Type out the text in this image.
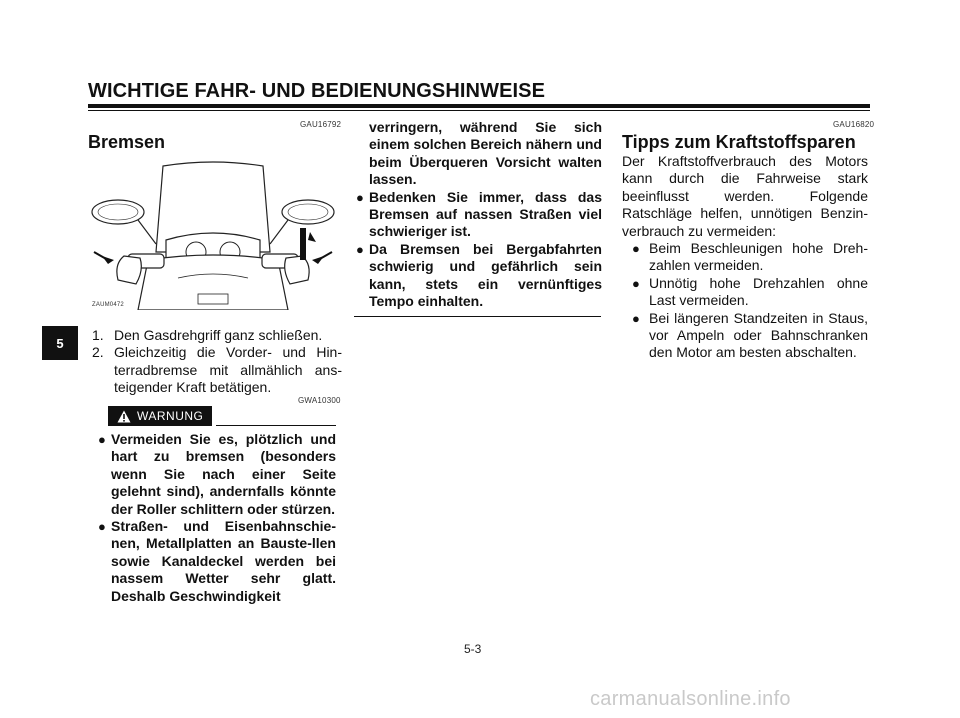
WICHTIGE FAHR- UND BEDIENUNGSHINWEISE
5
GAU16792
Bremsen
ZAUM0472
1. Den Gasdrehgriff ganz schließen.
2. Gleichzeitig die Vorder- und Hin-terradbremse mit allmählich ans-teigender Kraft betätigen.
GWA10300
WARNUNG
● Vermeiden Sie es, plötzlich und hart zu bremsen (besonders wenn Sie nach einer Seite gelehnt sind), andernfalls könnte der Roller schlittern oder stürzen.
● Straßen- und Eisenbahnschie-nen, Metallplatten an Bauste-llen sowie Kanaldeckel werden bei nassem Wetter sehr glatt. Deshalb Geschwindigkeit
verringern, während Sie sich einem solchen Bereich nähern und beim Überqueren Vorsicht walten lassen.
● Bedenken Sie immer, dass das Bremsen auf nassen Straßen viel schwieriger ist.
● Da Bremsen bei Bergabfahrten schwierig und gefährlich sein kann, stets ein vernünftiges Tempo einhalten.
GAU16820
Tipps zum Kraftstoffsparen
Der Kraftstoffverbrauch des Motors kann durch die Fahrweise stark beeinflusst werden. Folgende Ratschläge helfen, unnötigen Benzin-verbrauch zu vermeiden:
● Beim Beschleunigen hohe Dreh-zahlen vermeiden.
● Unnötig hohe Drehzahlen ohne Last vermeiden.
● Bei längeren Standzeiten in Staus, vor Ampeln oder Bahnschranken den Motor am besten abschalten.
5-3
carmanualsonline.info
